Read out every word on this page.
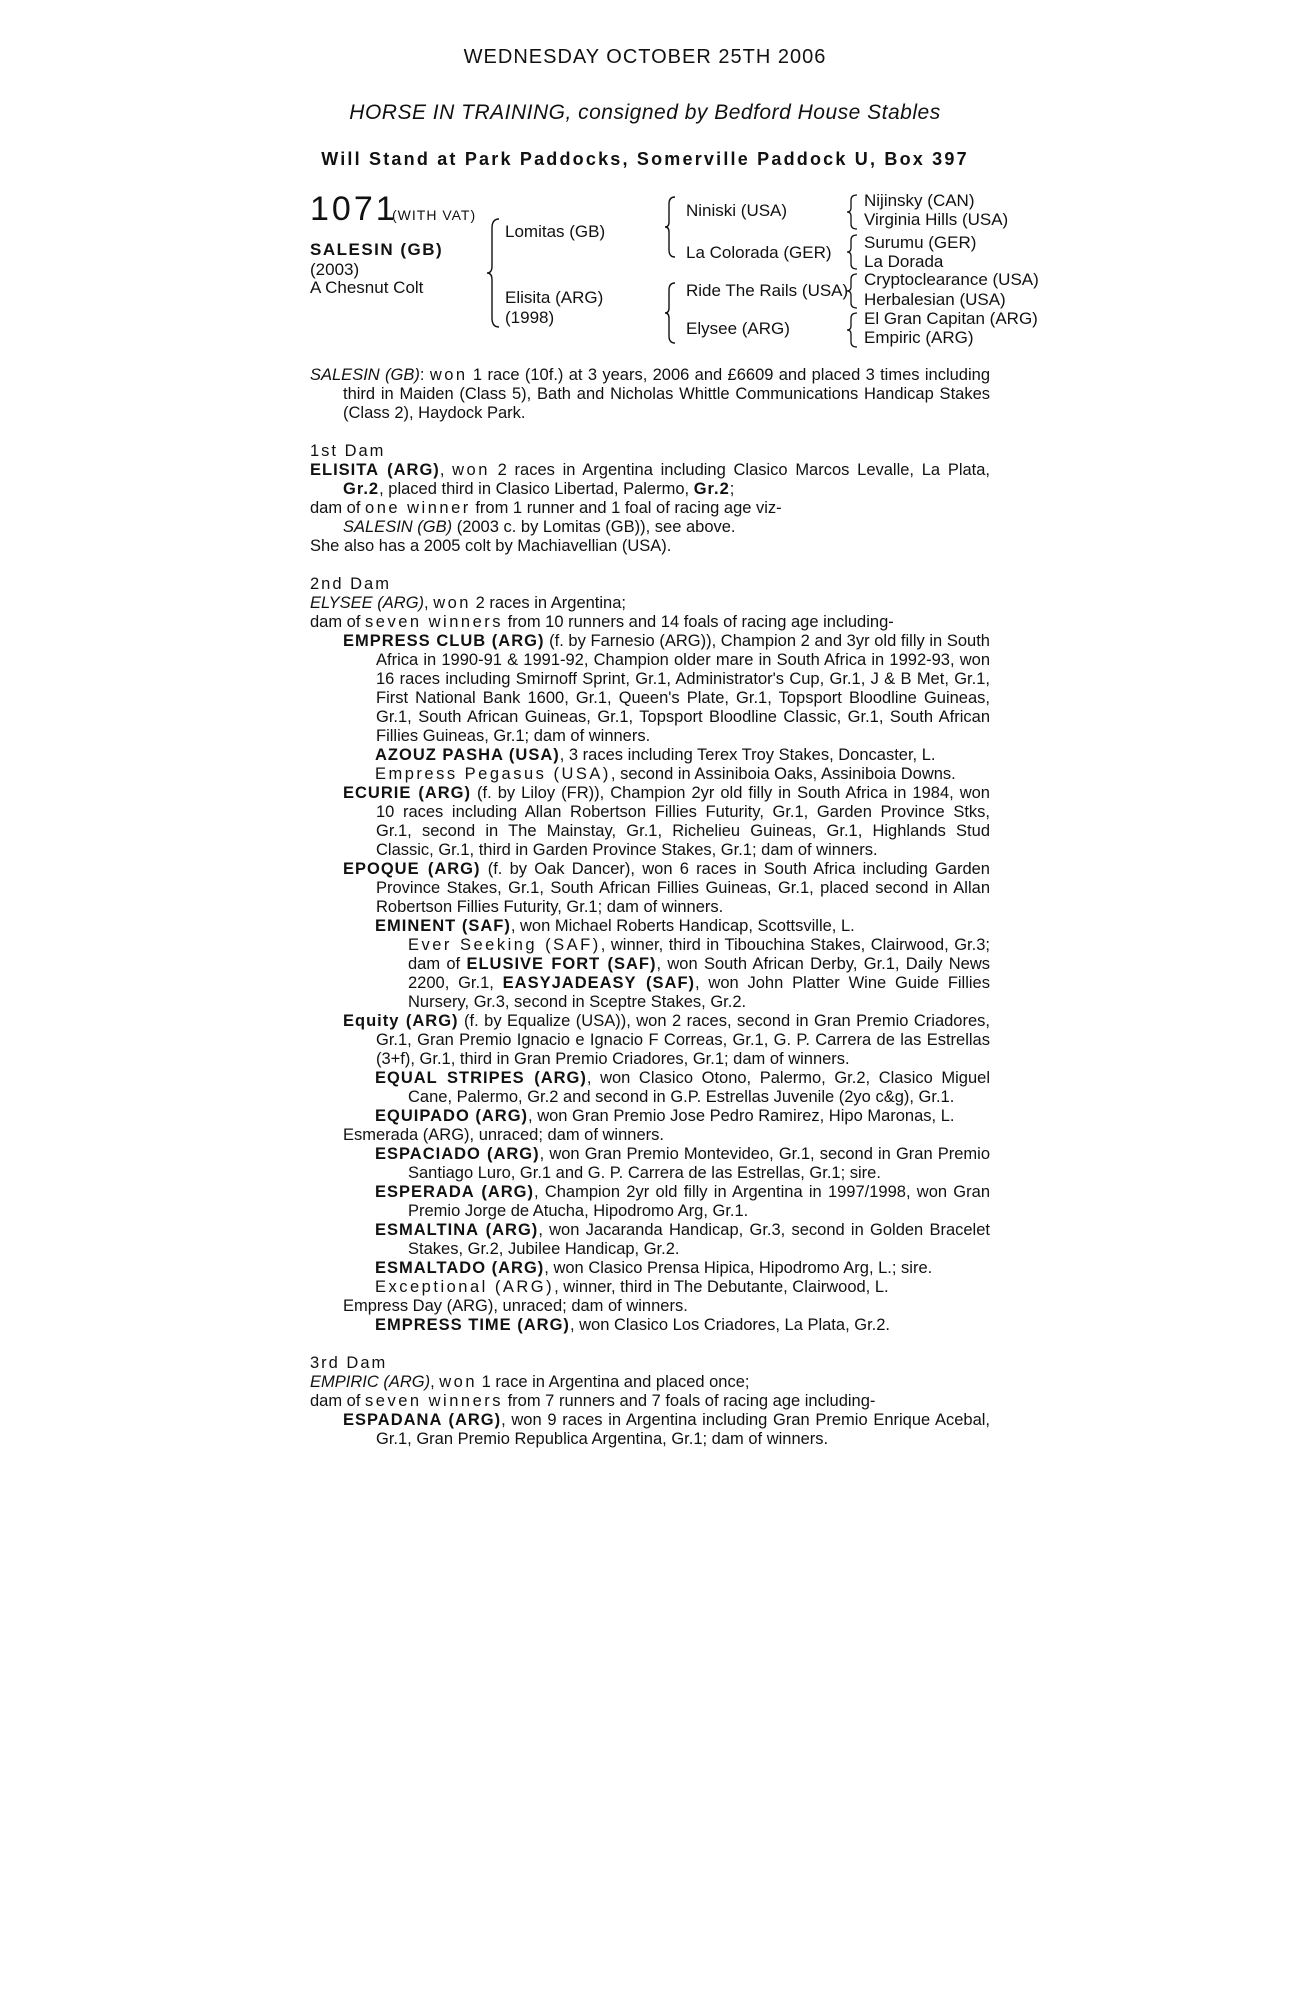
WEDNESDAY OCTOBER 25TH 2006
HORSE IN TRAINING, consigned by Bedford House Stables
Will Stand at Park Paddocks, Somerville Paddock U, Box 397
1071
(WITH VAT)
SALESIN (GB)
(2003)
A Chesnut Colt
Lomitas (GB)
Elisita (ARG)
(1998)
Niniski (USA)
La Colorada (GER)
Ride The Rails (USA)
Elysee (ARG)
Nijinsky (CAN)
Virginia Hills (USA)
Surumu (GER)
La Dorada
Cryptoclearance (USA)
Herbalesian (USA)
El Gran Capitan (ARG)
Empiric (ARG)

SALESIN (GB): won 1 race (10f.) at 3 years, 2006 and £6609 and placed 3 times including third in Maiden (Class 5), Bath and Nicholas Whittle Communications Handicap Stakes (Class 2), Haydock Park.

1st Dam

ELISITA (ARG), won 2 races in Argentina including Clasico Marcos Levalle, La Plata, Gr.2, placed third in Clasico Libertad, Palermo, Gr.2;

dam of one winner from 1 runner and 1 foal of racing age viz-

SALESIN (GB) (2003 c. by Lomitas (GB)), see above.

She also has a 2005 colt by Machiavellian (USA).

2nd Dam

ELYSEE (ARG), won 2 races in Argentina;

dam of seven winners from 10 runners and 14 foals of racing age including-

EMPRESS CLUB (ARG) (f. by Farnesio (ARG)), Champion 2 and 3yr old filly in South Africa in 1990-91 & 1991-92, Champion older mare in South Africa in 1992-93, won 16 races including Smirnoff Sprint, Gr.1, Administrator's Cup, Gr.1, J & B Met, Gr.1, First National Bank 1600, Gr.1, Queen's Plate, Gr.1, Topsport Bloodline Guineas, Gr.1, South African Guineas, Gr.1, Topsport Bloodline Classic, Gr.1, South African Fillies Guineas, Gr.1; dam of winners.

AZOUZ PASHA (USA), 3 races including Terex Troy Stakes, Doncaster, L.

Empress Pegasus (USA), second in Assiniboia Oaks, Assiniboia Downs.

ECURIE (ARG) (f. by Liloy (FR)), Champion 2yr old filly in South Africa in 1984, won 10 races including Allan Robertson Fillies Futurity, Gr.1, Garden Province Stks, Gr.1, second in The Mainstay, Gr.1, Richelieu Guineas, Gr.1, Highlands Stud Classic, Gr.1, third in Garden Province Stakes, Gr.1; dam of winners.

EPOQUE (ARG) (f. by Oak Dancer), won 6 races in South Africa including Garden Province Stakes, Gr.1, South African Fillies Guineas, Gr.1, placed second in Allan Robertson Fillies Futurity, Gr.1; dam of winners.

EMINENT (SAF), won Michael Roberts Handicap, Scottsville, L.

Ever Seeking (SAF), winner, third in Tibouchina Stakes, Clairwood, Gr.3; dam of ELUSIVE FORT (SAF), won South African Derby, Gr.1, Daily News 2200, Gr.1, EASYJADEASY (SAF), won John Platter Wine Guide Fillies Nursery, Gr.3, second in Sceptre Stakes, Gr.2.

Equity (ARG) (f. by Equalize (USA)), won 2 races, second in Gran Premio Criadores, Gr.1, Gran Premio Ignacio e Ignacio F Correas, Gr.1, G. P. Carrera de las Estrellas (3+f), Gr.1, third in Gran Premio Criadores, Gr.1; dam of winners.

EQUAL STRIPES (ARG), won Clasico Otono, Palermo, Gr.2, Clasico Miguel Cane, Palermo, Gr.2 and second in G.P. Estrellas Juvenile (2yo c&g), Gr.1.

EQUIPADO (ARG), won Gran Premio Jose Pedro Ramirez, Hipo Maronas, L.

Esmerada (ARG), unraced; dam of winners.

ESPACIADO (ARG), won Gran Premio Montevideo, Gr.1, second in Gran Premio Santiago Luro, Gr.1 and G. P. Carrera de las Estrellas, Gr.1; sire.

ESPERADA (ARG), Champion 2yr old filly in Argentina in 1997/1998, won Gran Premio Jorge de Atucha, Hipodromo Arg, Gr.1.

ESMALTINA (ARG), won Jacaranda Handicap, Gr.3, second in Golden Bracelet Stakes, Gr.2, Jubilee Handicap, Gr.2.

ESMALTADO (ARG), won Clasico Prensa Hipica, Hipodromo Arg, L.; sire.

Exceptional (ARG), winner, third in The Debutante, Clairwood, L.

Empress Day (ARG), unraced; dam of winners.

EMPRESS TIME (ARG), won Clasico Los Criadores, La Plata, Gr.2.

3rd Dam

EMPIRIC (ARG), won 1 race in Argentina and placed once;

dam of seven winners from 7 runners and 7 foals of racing age including-

ESPADANA (ARG), won 9 races in Argentina including Gran Premio Enrique Acebal, Gr.1, Gran Premio Republica Argentina, Gr.1; dam of winners.
